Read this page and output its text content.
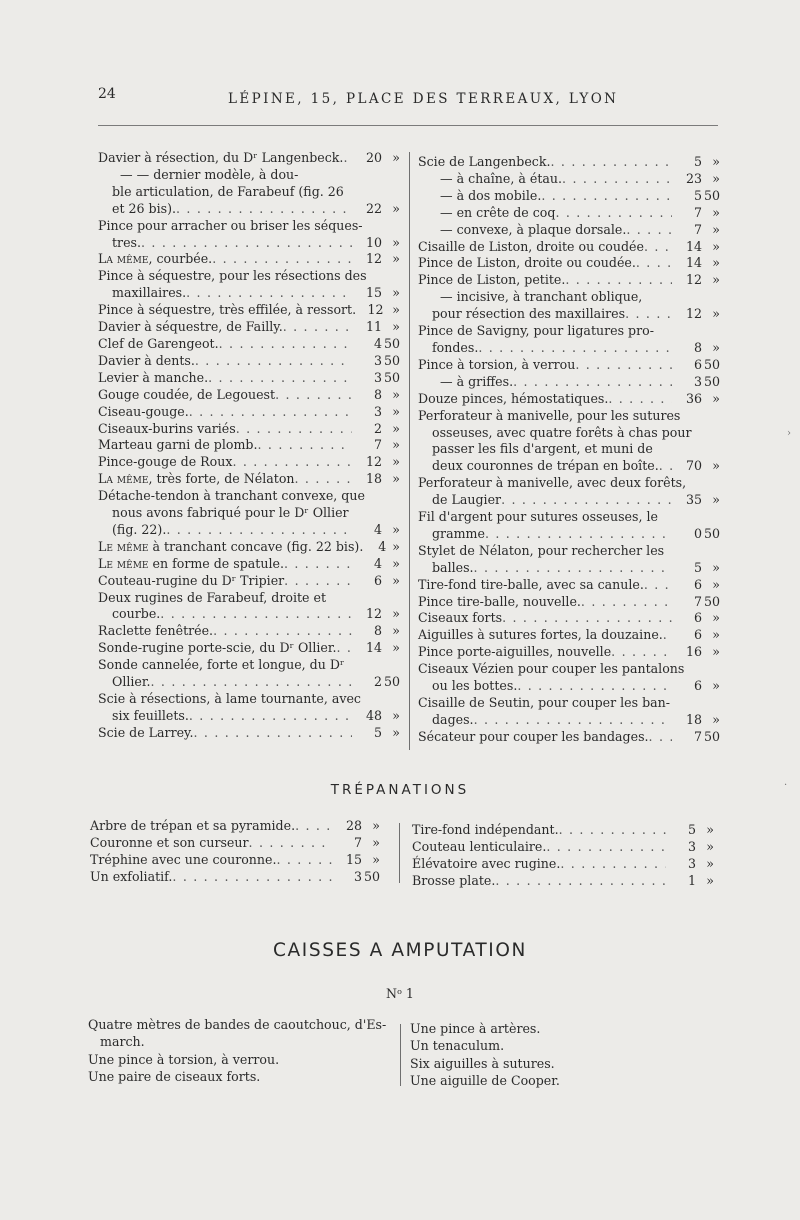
24	LÉPINE, 15, PLACE DES TERREAUX, LYON
Davier à résection, du Dʳ Langenbeck. . . .	20 »
— — dernier modèle, à dou-
ble articulation, de Farabeuf (fig. 26
et 26 bis). . . .	22 »
Pince pour arracher ou briser les séques-
tres. . . .	10 »
La même, courbée. . . .	12 »
Pince à séquestre, pour les résections des
maxillaires. . . .	15 »
Pince à séquestre, très effilée, à ressort. 12 »
Davier à séquestre, de Failly. . . .	11 »
Clef de Garengeot. . . .	4 50
Davier à dents. . . .	3 50
Levier à manche. . . .	3 50
Gouge coudée, de Legouest . . .	8 »
Ciseau-gouge. . . .	3 »
Ciseaux-burins variés . . .	2 »
Marteau garni de plomb. . . .	7 »
Pince-gouge de Roux . . .	12 »
La même, très forte, de Nélaton . . .	18 »
Détache-tendon à tranchant convexe, que
nous avons fabriqué pour le Dʳ Ollier
(fig. 22). . . .	4 »
Le même à tranchant concave (fig. 22 bis).	4 »
Le même en forme de spatule. . . .	4 »
Couteau-rugine du Dʳ Tripier . . .	6 »
Deux rugines de Farabeuf, droite et
courbe. . . .	12 »
Raclette fenêtrée. . . .	8 »
Sonde-rugine porte-scie, du Dʳ Ollier. . . .	14 »
Sonde cannelée, forte et longue, du Dʳ
Ollier. . . .	2 50
Scie à résections, à lame tournante, avec
six feuillets. . . .	48 »
Scie de Larrey. . . .	5 »
Scie de Langenbeck. . . .	5 »
— à chaîne, à étau. . . .	23 »
— à dos mobile. . . .	5 50
— en crête de coq . . .	7 »
— convexe, à plaque dorsale. . . .	7 »
Cisaille de Liston, droite ou coudée . . .	14 »
Pince de Liston, droite ou coudée. . . .	14 »
Pince de Liston, petite. . . .	12 »
— incisive, à tranchant oblique,
pour résection des maxillaires . . .	12 »
Pince de Savigny, pour ligatures pro-
fondes. . . .	8 »
Pince à torsion, à verrou . . .	6 50
— à griffes. . . .	3 50
Douze pinces, hémostatiques. . . .	36 »
Perforateur à manivelle, pour les sutures
osseuses, avec quatre forêts à chas pour
passer les fils d'argent, et muni de
deux couronnes de trépan en boîte. . . .	70 »
Perforateur à manivelle, avec deux forêts,
de Laugier . . .	35 »
Fil d'argent pour sutures osseuses, le
gramme . . .	0 50
Stylet de Nélaton, pour rechercher les
balles. . . .	5 »
Tire-fond tire-balle, avec sa canule. . . .	6 »
Pince tire-balle, nouvelle. . . .	7 50
Ciseaux forts . . .	6 »
Aiguilles à sutures fortes, la douzaine. . . .	6 »
Pince porte-aiguilles, nouvelle . . .	16 »
Ciseaux Vézien pour couper les pantalons
ou les bottes. . . .	6 »
Cisaille de Seutin, pour couper les ban-
dages. . . .	18 »
Sécateur pour couper les bandages. . . .	7 50
TRÉPANATIONS
Arbre de trépan et sa pyramide. . . .	28 »
Couronne et son curseur . . .	7 »
Tréphine avec une couronne. . . .	15 »
Un exfoliatif. . . .	3 50
Tire-fond indépendant. . . .	5 »
Couteau lenticulaire. . . .	3 »
Élévatoire avec rugine. . . .	3 »
Brosse plate. . . .	1 »
CAISSES A AMPUTATION
Nᵒ 1
Quatre mètres de bandes de caoutchouc, d'Es-
march.
Une pince à torsion, à verrou.
Une paire de ciseaux forts.
Une pince à artères.
Un tenaculum.
Six aiguilles à sutures.
Une aiguille de Cooper.
›
·
